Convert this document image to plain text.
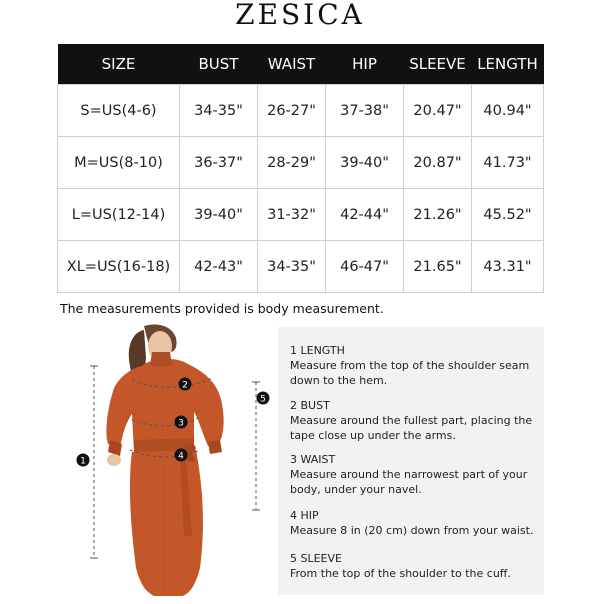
ZESICA
SIZE	BUST	WAIST	HIP	SLEEVE	LENGTH
S=US(4-6)	34-35"	26-27"	37-38"	20.47"	40.94"
M=US(8-10)	36-37"	28-29"	39-40"	20.87"	41.73"
L=US(12-14)	39-40"	31-32"	42-44"	21.26"	45.52"
XL=US(16-18)	42-43"	34-35"	46-47"	21.65"	43.31"
The measurements provided is body measurement.
1
2
3
4
5
1 LENGTH
Measure from the top of the shoulder seam down to the hem.
2 BUST
Measure around the fullest part, placing the tape close up under the arms.
3 WAIST
Measure around the narrowest part of your body, under your navel.
4 HIP
Measure 8 in (20 cm) down from your waist.
5 SLEEVE
From the top of the shoulder to the cuff.
